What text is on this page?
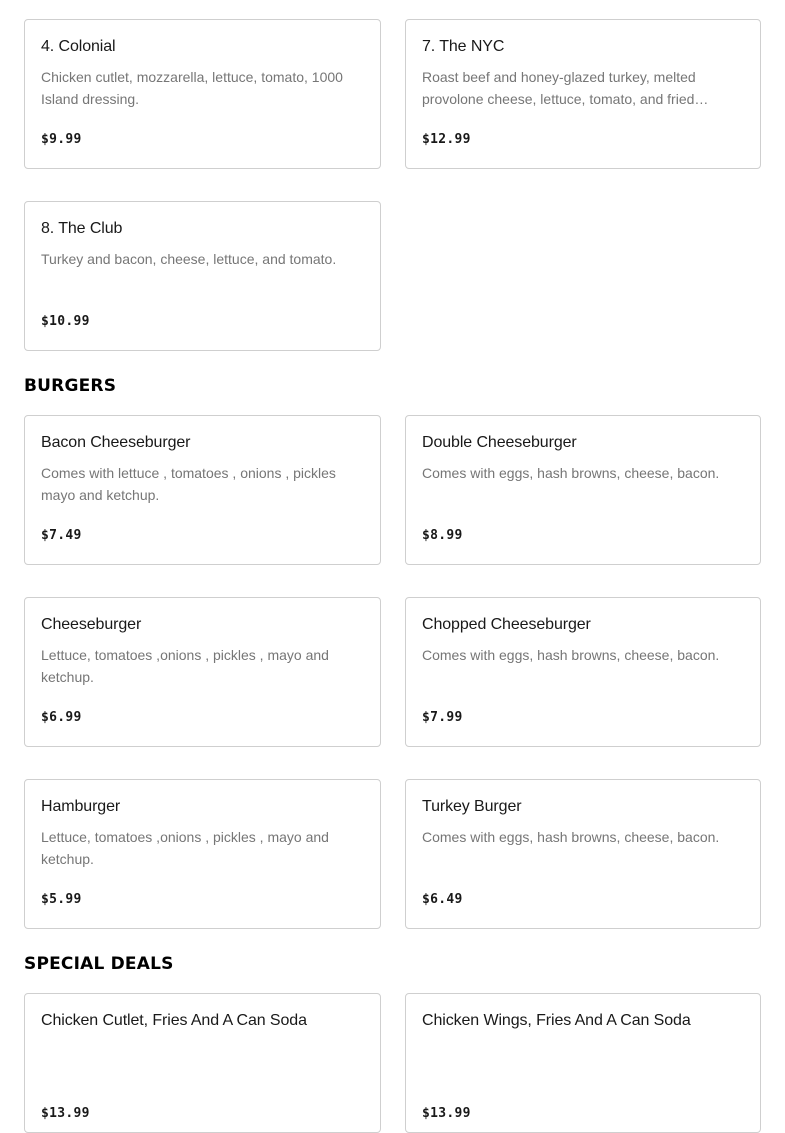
4. Colonial
Chicken cutlet, mozzarella, lettuce, tomato, 1000 Island dressing.
$9.99
7. The NYC
Roast beef and honey-glazed turkey, melted provolone cheese, lettuce, tomato, and fried…
$12.99
8. The Club
Turkey and bacon, cheese, lettuce, and tomato.
$10.99
BURGERS
Bacon Cheeseburger
Comes with lettuce , tomatoes , onions , pickles mayo and ketchup.
$7.49
Double Cheeseburger
Comes with eggs, hash browns, cheese, bacon.
$8.99
Cheeseburger
Lettuce, tomatoes ,onions , pickles , mayo and ketchup.
$6.99
Chopped Cheeseburger
Comes with eggs, hash browns, cheese, bacon.
$7.99
Hamburger
Lettuce, tomatoes ,onions , pickles , mayo and ketchup.
$5.99
Turkey Burger
Comes with eggs, hash browns, cheese, bacon.
$6.49
SPECIAL DEALS
Chicken Cutlet, Fries And A Can Soda
$13.99
Chicken Wings, Fries And A Can Soda
$13.99
